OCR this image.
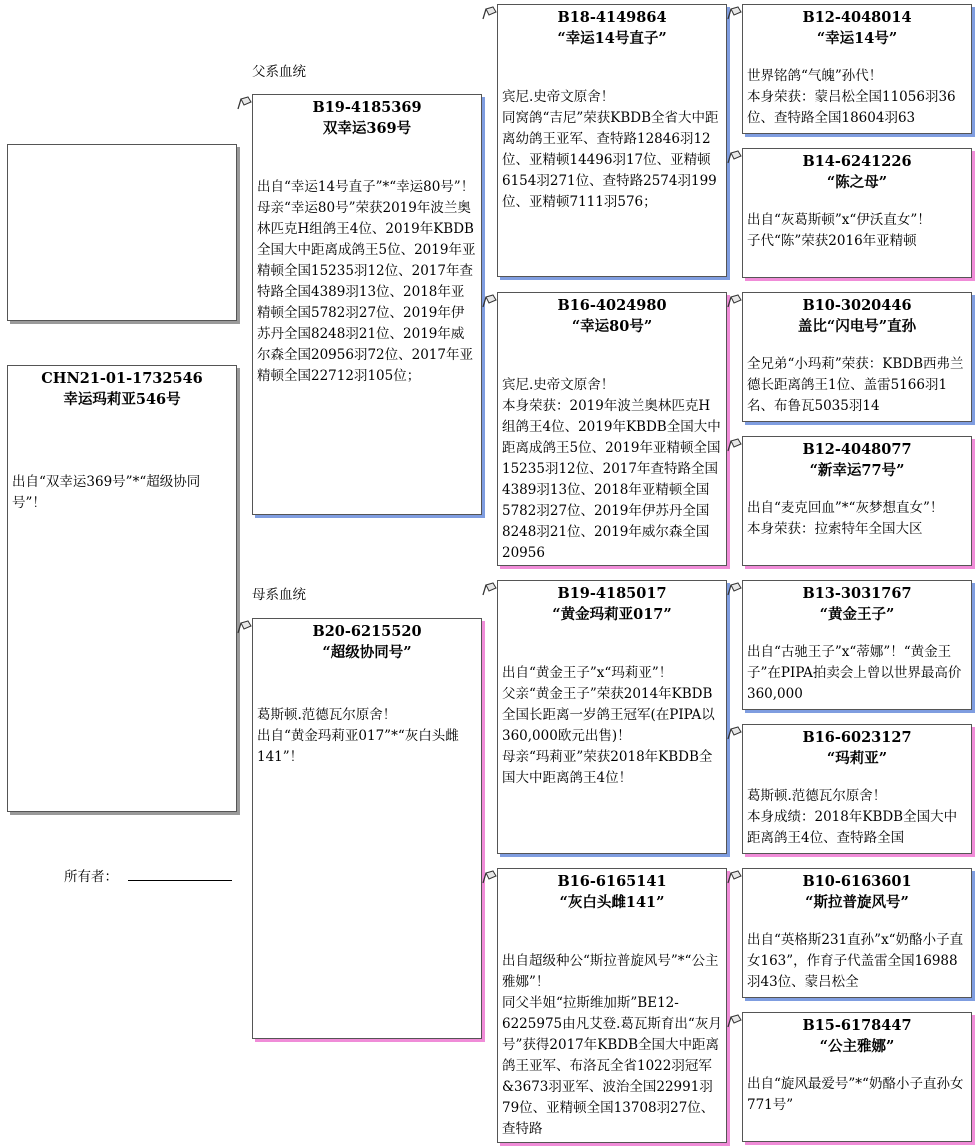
CHN21-01-1732546
幸运玛莉亚546号
出自“双幸运369号”*“超级协同号”！
所有者：
父系血统
母系血统
B19-4185369
双幸运369号
出自“幸运14号直子”*“幸运80号”！
母亲“幸运80号”荣获2019年波兰奥林匹克H组鸽王4位、2019年KBDB全国大中距离成鸽王5位、2019年亚精顿全国15235羽12位、2017年查特路全国4389羽13位、2018年亚精顿全国5782羽27位、2019年伊苏丹全国8248羽21位、2019年威尔森全国20956羽72位、2017年亚精顿全国22712羽105位；
B20-6215520
“超级协同号”
葛斯顿.范德瓦尔原舍！
出自“黄金玛莉亚017”*“灰白头雌141”！
B18-4149864
“幸运14号直子”
宾尼.史帝文原舍！
同窝鸽“吉尼”荣获KBDB全省大中距离幼鸽王亚军、查特路12846羽12位、亚精顿14496羽17位、亚精顿6154羽271位、查特路2574羽199位、亚精顿7111羽576；
B16-4024980
“幸运80号”
宾尼.史帝文原舍！
本身荣获：2019年波兰奥林匹克H组鸽王4位、2019年KBDB全国大中距离成鸽王5位、2019年亚精顿全国15235羽12位、2017年查特路全国4389羽13位、2018年亚精顿全国5782羽27位、2019年伊苏丹全国8248羽21位、2019年威尔森全国20956
B19-4185017
“黄金玛莉亚017”
出自“黄金王子”x“玛莉亚”！
父亲“黄金王子”荣获2014年KBDB全国长距离一岁鸽王冠军(在PIPA以360,000欧元出售)！
母亲“玛莉亚”荣获2018年KBDB全国大中距离鸽王4位！
B16-6165141
“灰白头雌141”
出自超级种公“斯拉普旋风号”*“公主雅娜”！
同父半姐“拉斯维加斯”BE12-6225975由凡艾登.葛瓦斯育出“灰月号”获得2017年KBDB全国大中距离鸽王亚军、布洛瓦全省1022羽冠军&3673羽亚军、波治全国22991羽79位、亚精顿全国13708羽27位、查特路
B12-4048014
“幸运14号”
世界铭鸽“气魄”孙代！
本身荣获：蒙吕松全国11056羽36位、查特路全国18604羽63
B14-6241226
“陈之母”
出自“灰葛斯顿”x“伊沃直女”！
子代“陈”荣获2016年亚精顿
B10-3020446
盖比“闪电号”直孙
全兄弟“小玛莉”荣获：KBDB西弗兰德长距离鸽王1位、盖雷5166羽1名、布鲁瓦5035羽14
B12-4048077
“新幸运77号”
出自“麦克回血”*“灰梦想直女”！
本身荣获：拉索特年全国大区
B13-3031767
“黄金王子”
出自“古驰王子”x“蒂娜”！“黄金王子”在PIPA拍卖会上曾以世界最高价360,000
B16-6023127
“玛莉亚”
葛斯顿.范德瓦尔原舍！
本身成绩：2018年KBDB全国大中距离鸽王4位、查特路全国
B10-6163601
“斯拉普旋风号”
出自“英格斯231直孙”x“奶酪小子直女163”，作育子代盖雷全国16988羽43位、蒙吕松全
B15-6178447
“公主雅娜”
出自“旋风最爱号”*“奶酪小子直孙女771号”
